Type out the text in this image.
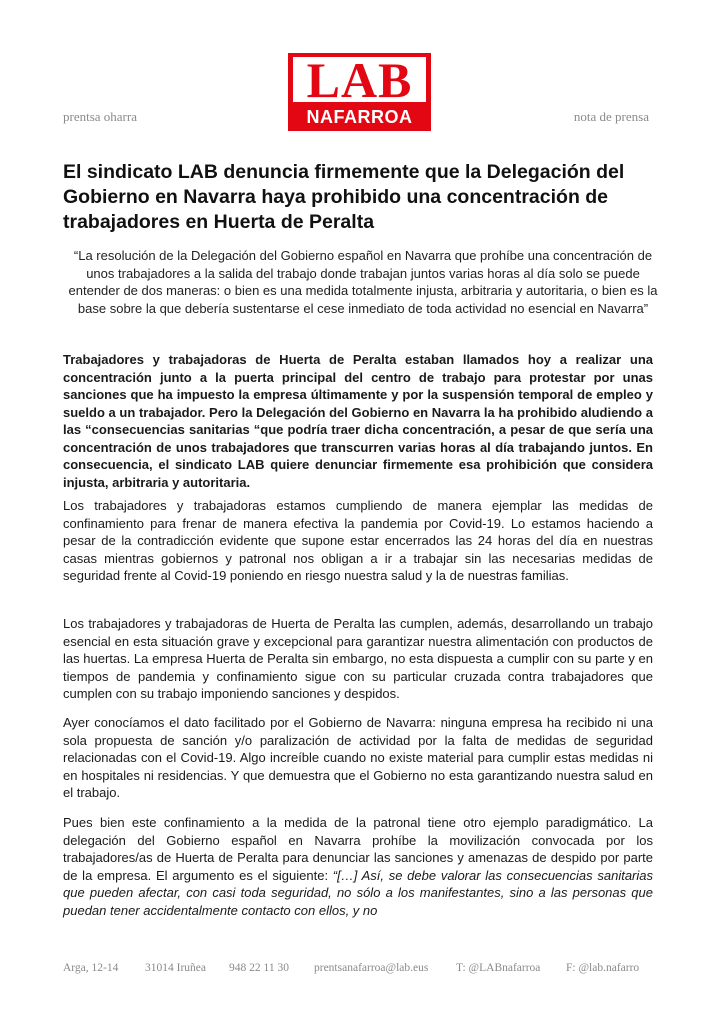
LAB
NAFARROA
prentsa oharra	nota de prensa
El sindicato LAB denuncia firmemente que la Delegación del Gobierno en Navarra haya prohibido una concentración de trabajadores en Huerta de Peralta
“La resolución de la Delegación del Gobierno español en Navarra que prohíbe una concentración de unos trabajadores a la salida del trabajo donde trabajan juntos varias horas al día solo se puede entender de dos maneras: o bien es una medida totalmente injusta, arbitraria y autoritaria, o bien es la base sobre la que debería sustentarse el cese inmediato de toda actividad no esencial en Navarra”

Trabajadores y trabajadoras de Huerta de Peralta estaban llamados hoy a realizar una concentración junto a la puerta principal del centro de trabajo para protestar por unas sanciones que ha impuesto la empresa últimamente y por la suspensión temporal de empleo y sueldo a un trabajador. Pero la Delegación del Gobierno en Navarra la ha prohibido aludiendo a las “consecuencias sanitarias “que podría traer dicha concentración, a pesar de que sería una concentración de unos trabajadores que transcurren varias horas al día trabajando juntos. En consecuencia, el sindicato LAB quiere denunciar firmemente esa prohibición que considera injusta, arbitraria y autoritaria.

Los trabajadores y trabajadoras estamos cumpliendo de manera ejemplar las medidas de confinamiento para frenar de manera efectiva la pandemia por Covid-19. Lo estamos haciendo a pesar de la contradicción evidente que supone estar encerrados las 24 horas del día en nuestras casas mientras gobiernos y patronal nos obligan a ir a trabajar sin las necesarias medidas de seguridad frente al Covid-19 poniendo en riesgo nuestra salud y la de nuestras familias.

Los trabajadores y trabajadoras de Huerta de Peralta las cumplen, además, desarrollando un trabajo esencial en esta situación grave y excepcional para garantizar nuestra alimentación con productos de las huertas. La empresa Huerta de Peralta sin embargo, no esta dispuesta a cumplir con su parte y en tiempos de pandemia y confinamiento sigue con su particular cruzada contra trabajadores que cumplen con su trabajo imponiendo sanciones y despidos.

Ayer conocíamos el dato facilitado por el Gobierno de Navarra: ninguna empresa ha recibido ni una sola propuesta de sanción y/o paralización de actividad por la falta de medidas de seguridad relacionadas con el Covid-19. Algo increíble cuando no existe material para cumplir estas medidas ni en hospitales ni residencias. Y que demuestra que el Gobierno no esta garantizando nuestra salud en el trabajo.

Pues bien este confinamiento a la medida de la patronal tiene otro ejemplo paradigmático. La delegación del Gobierno español en Navarra prohíbe la movilización convocada por los trabajadores/as de Huerta de Peralta para denunciar las sanciones y amenazas de despido por parte de la empresa. El argumento es el siguiente: “[…] Así, se debe valorar las consecuencias sanitarias que pueden afectar, con casi toda seguridad, no sólo a los manifestantes, sino a las personas que puedan tener accidentalmente contacto con ellos, y no

Arga, 12-14 31014 Iruñea 948 22 11 30 prentsanafarroa@lab.eus T: @LABnafarroa F: @lab.nafarro
